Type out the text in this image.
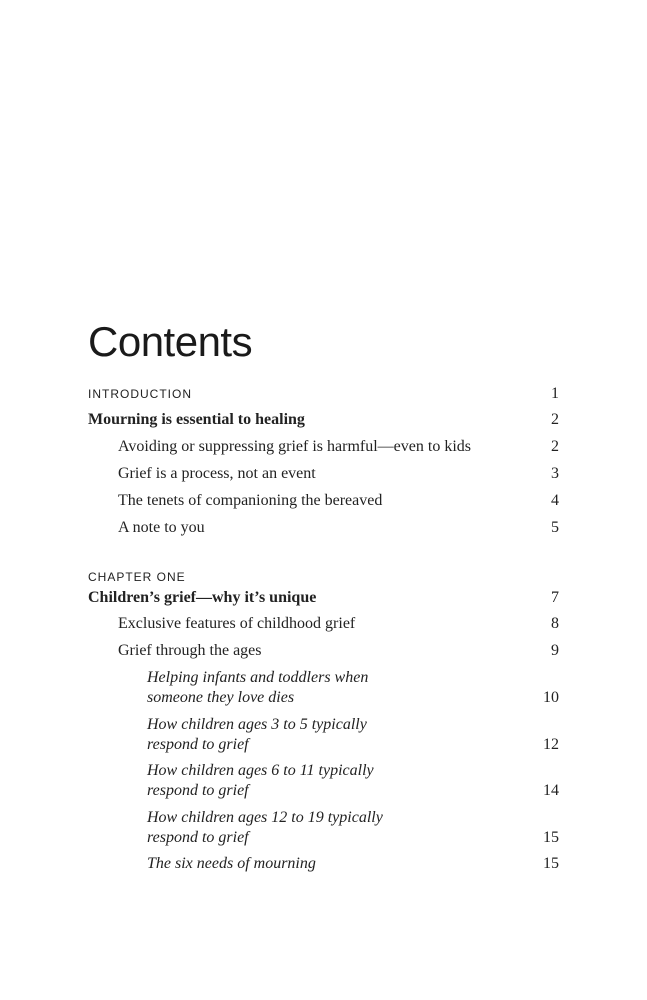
Contents
INTRODUCTION	1
Mourning is essential to healing	2
Avoiding or suppressing grief is harmful—even to kids	2
Grief is a process, not an event	3
The tenets of companioning the bereaved	4
A note to you	5
CHAPTER ONE
Children’s grief—why it’s unique	7
Exclusive features of childhood grief	8
Grief through the ages	9
Helping infants and toddlers when
someone they love dies	10
How children ages 3 to 5 typically
respond to grief	12
How children ages 6 to 11 typically
respond to grief	14
How children ages 12 to 19 typically
respond to grief	15
The six needs of mourning	15
